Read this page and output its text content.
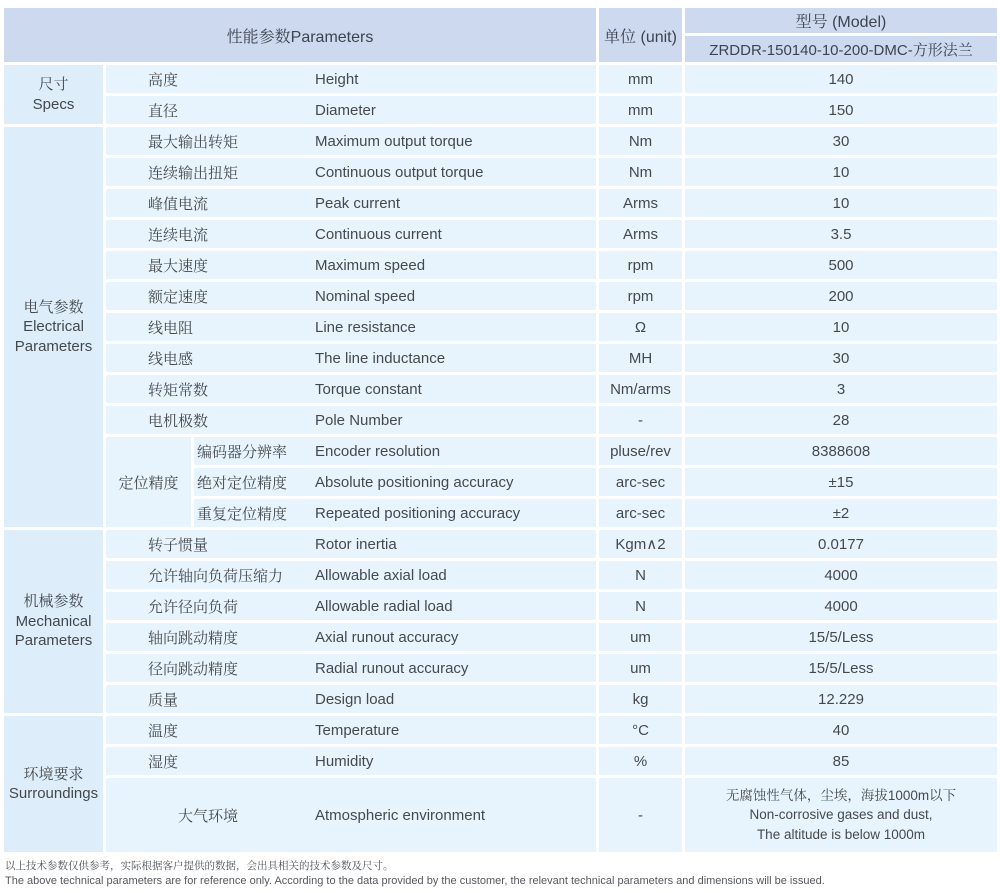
性能参数Parameters	单位 (unit)
型号 (Model)
ZRDDR-150140-10-200-DMC-方形法兰
尺寸
Specs
高度	Height	mm	140
直径	Diameter	mm	150
电气参数
Electrical Parameters
最大输出转矩	Maximum output torque	Nm	30
连续输出扭矩	Continuous output torque	Nm	10
峰值电流	Peak current	Arms	10
连续电流	Continuous current	Arms	3.5
最大速度	Maximum speed	rpm	500
额定速度	Nominal speed	rpm	200
线电阻	Line resistance	Ω	10
线电感	The line inductance	MH	30
转矩常数	Torque constant	Nm/arms	3
电机极数	Pole Number	-	28
定位精度
编码器分辨率	Encoder resolution	pluse/rev	8388608
绝对定位精度	Absolute positioning accuracy	arc-sec	±15
重复定位精度	Repeated positioning accuracy	arc-sec	±2
机械参数
Mechanical Parameters
转子惯量	Rotor inertia	Kgm∧2	0.0177
允许轴向负荷压缩力	Allowable axial load	N	4000
允许径向负荷	Allowable radial load	N	4000
轴向跳动精度	Axial runout accuracy	um	15/5/Less
径向跳动精度	Radial runout accuracy	um	15/5/Less
质量	Design load	kg	12.229
环境要求
Surroundings
温度	Temperature	°C	40
湿度	Humidity	%	85
大气环境	Atmospheric environment	-
无腐蚀性气体，尘埃，海拔1000m以下
Non-corrosive gases and dust,
The altitude is below 1000m
以上技术参数仅供参考，实际根据客户提供的数据，会出具相关的技术参数及尺寸。
The above technical parameters are for reference only. According to the data provided by the customer, the relevant technical parameters and dimensions will be issued.
